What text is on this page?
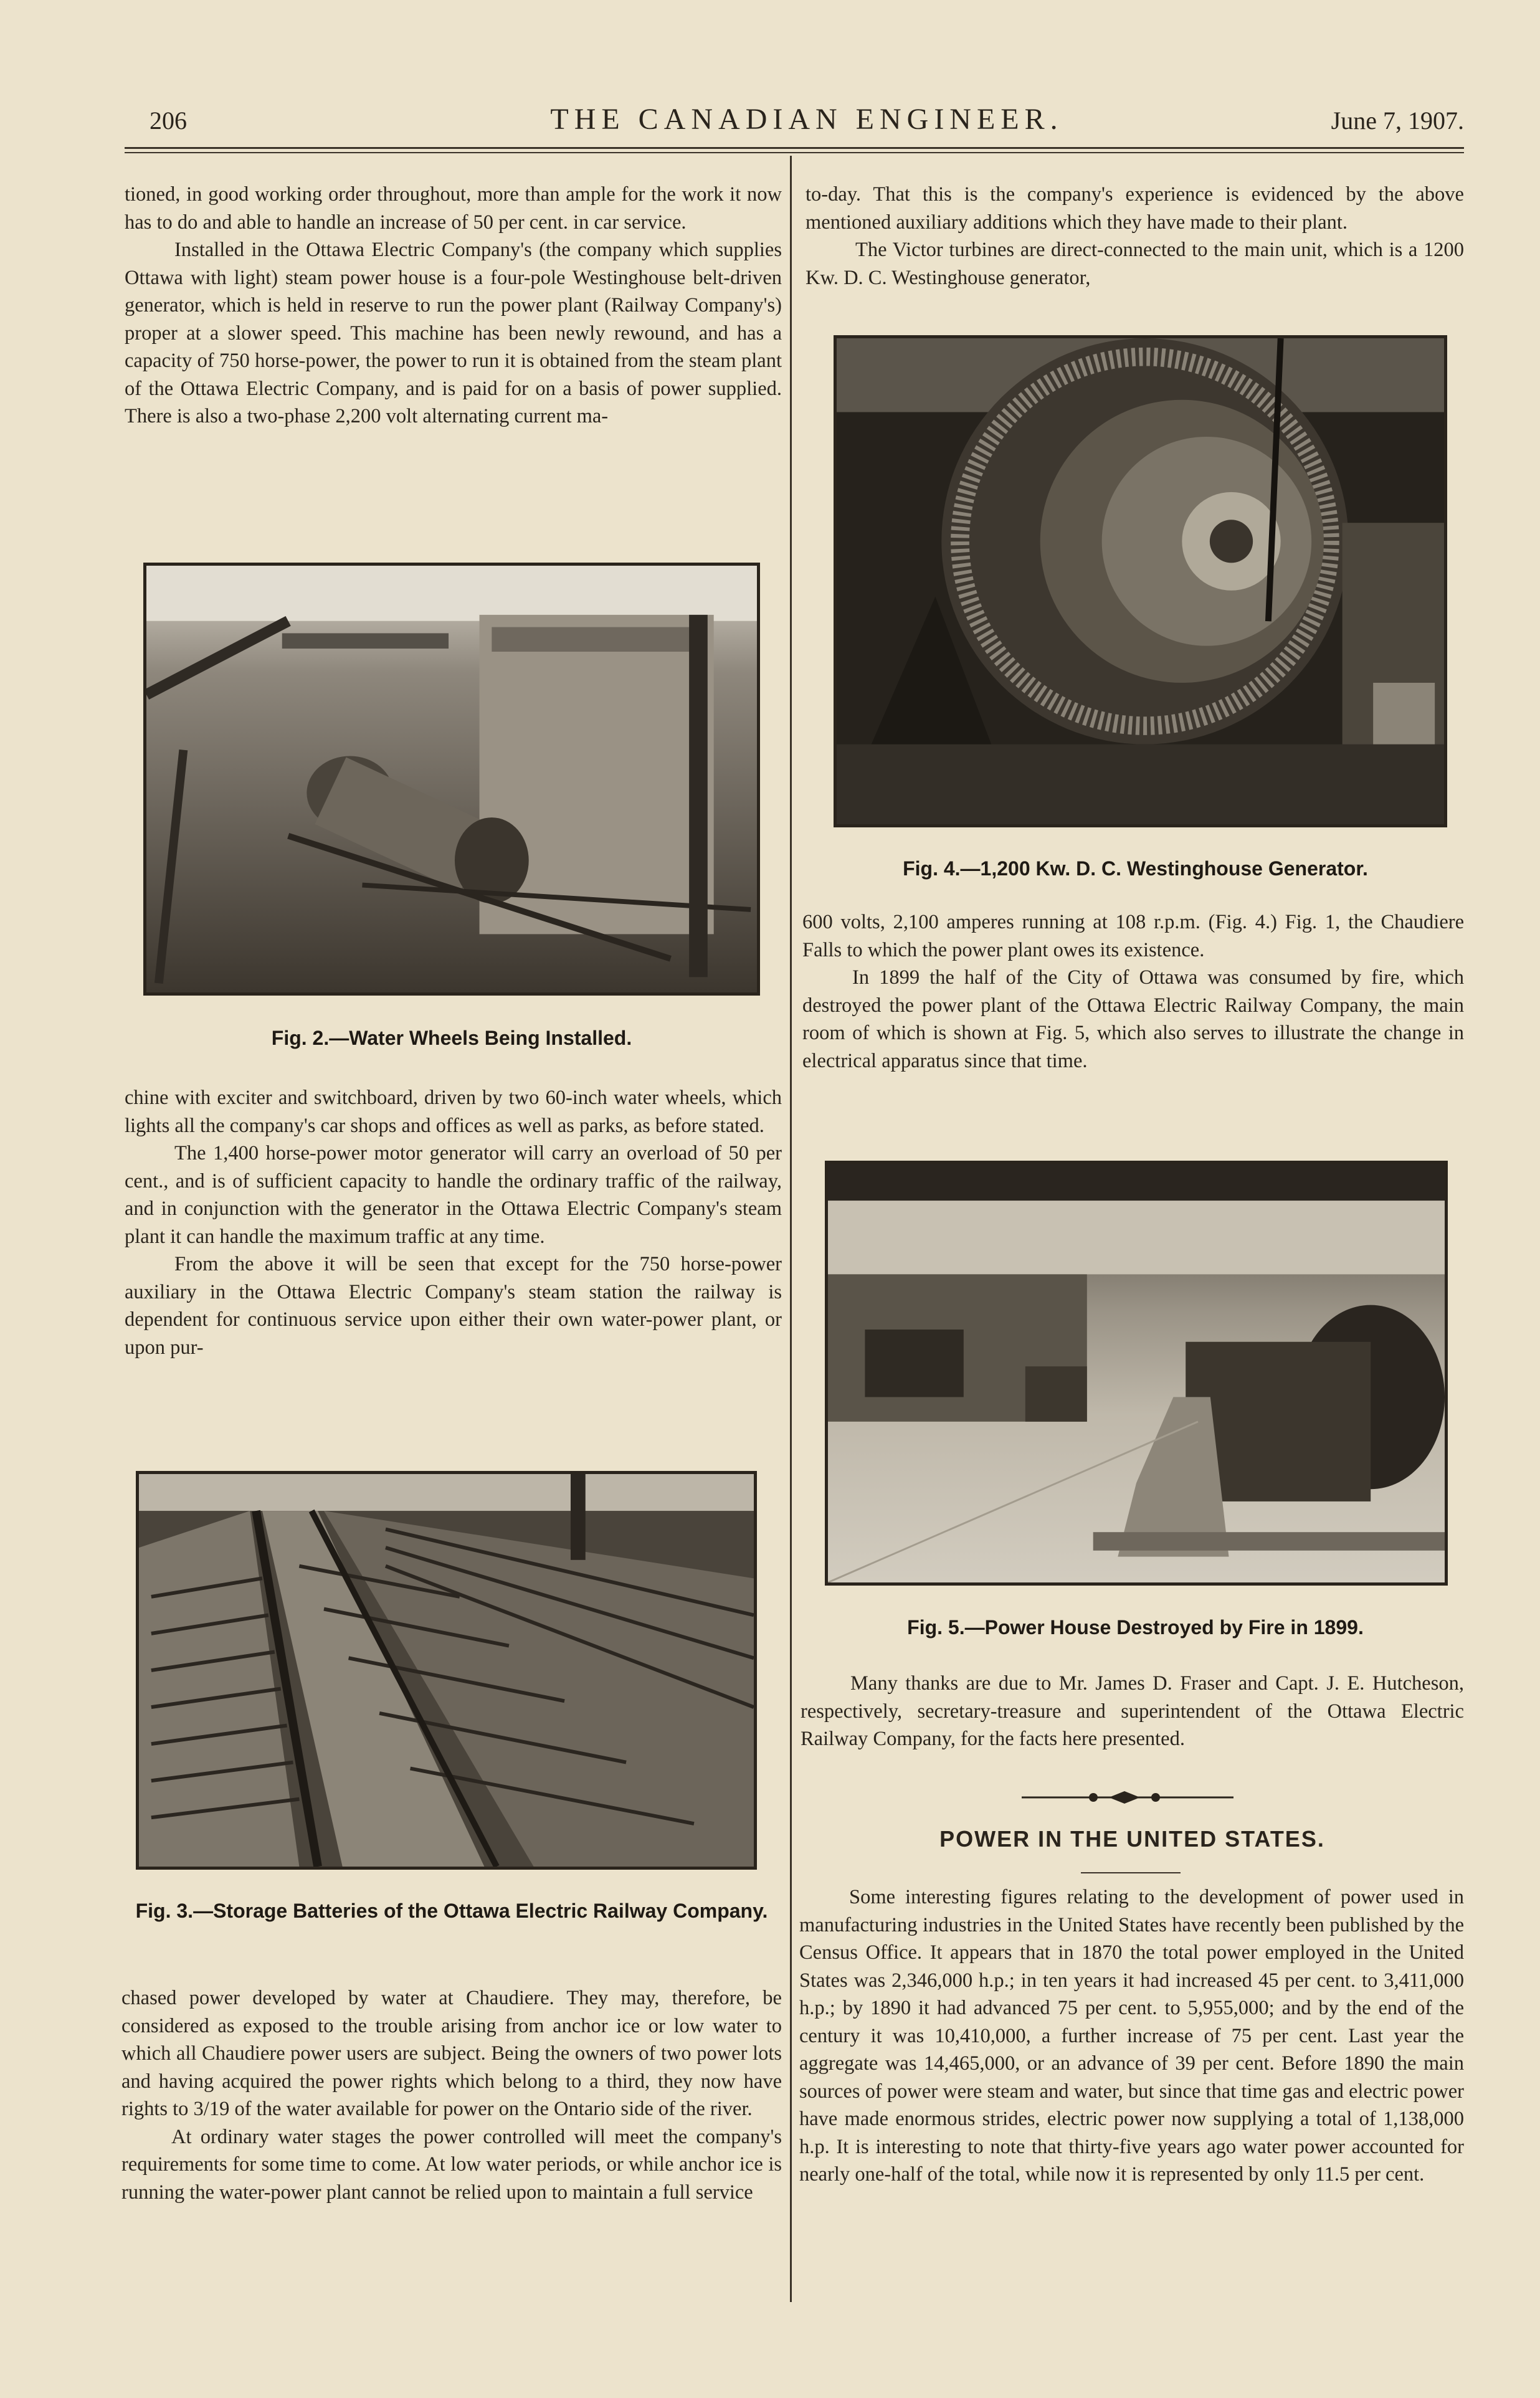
206	THE CANADIAN ENGINEER.	June 7, 1907.

tioned, in good working order throughout, more than ample for the work it now has to do and able to handle an increase of 50 per cent. in car service.

Installed in the Ottawa Electric Company's (the company which supplies Ottawa with light) steam power house is a four-pole Westinghouse belt-driven generator, which is held in reserve to run the power plant (Railway Company's) proper at a slower speed. This machine has been newly rewound, and has a capacity of 750 horse-power, the power to run it is obtained from the steam plant of the Ottawa Electric Company, and is paid for on a basis of power supplied. There is also a two-phase 2,200 volt alternating current ma-

Fig. 2.—Water Wheels Being Installed.

chine with exciter and switchboard, driven by two 60-inch water wheels, which lights all the company's car shops and offices as well as parks, as before stated.

The 1,400 horse-power motor generator will carry an overload of 50 per cent., and is of sufficient capacity to handle the ordinary traffic of the railway, and in conjunction with the generator in the Ottawa Electric Company's steam plant it can handle the maximum traffic at any time.

From the above it will be seen that except for the 750 horse-power auxiliary in the Ottawa Electric Company's steam station the railway is dependent for continuous service upon either their own water-power plant, or upon pur-

Fig. 3.—Storage Batteries of the Ottawa Electric Railway Company.

chased power developed by water at Chaudiere. They may, therefore, be considered as exposed to the trouble arising from anchor ice or low water to which all Chaudiere power users are subject. Being the owners of two power lots and having acquired the power rights which belong to a third, they now have rights to 3/19 of the water available for power on the Ontario side of the river.

At ordinary water stages the power controlled will meet the company's requirements for some time to come. At low water periods, or while anchor ice is running the water-power plant cannot be relied upon to maintain a full service

to-day. That this is the company's experience is evidenced by the above mentioned auxiliary additions which they have made to their plant.

The Victor turbines are direct-connected to the main unit, which is a 1200 Kw. D. C. Westinghouse generator,

Fig. 4.—1,200 Kw. D. C. Westinghouse Generator.

600 volts, 2,100 amperes running at 108 r.p.m. (Fig. 4.) Fig. 1, the Chaudiere Falls to which the power plant owes its existence.

In 1899 the half of the City of Ottawa was consumed by fire, which destroyed the power plant of the Ottawa Electric Railway Company, the main room of which is shown at Fig. 5, which also serves to illustrate the change in electrical apparatus since that time.

Fig. 5.—Power House Destroyed by Fire in 1899.

Many thanks are due to Mr. James D. Fraser and Capt. J. E. Hutcheson, respectively, secretary-treasure and superintendent of the Ottawa Electric Railway Company, for the facts here presented.

POWER IN THE UNITED STATES.

Some interesting figures relating to the development of power used in manufacturing industries in the United States have recently been published by the Census Office. It appears that in 1870 the total power employed in the United States was 2,346,000 h.p.; in ten years it had increased 45 per cent. to 3,411,000 h.p.; by 1890 it had advanced 75 per cent. to 5,955,000; and by the end of the century it was 10,410,000, a further increase of 75 per cent. Last year the aggregate was 14,465,000, or an advance of 39 per cent. Before 1890 the main sources of power were steam and water, but since that time gas and electric power have made enormous strides, electric power now supplying a total of 1,138,000 h.p. It is interesting to note that thirty-five years ago water power accounted for nearly one-half of the total, while now it is represented by only 11.5 per cent.
